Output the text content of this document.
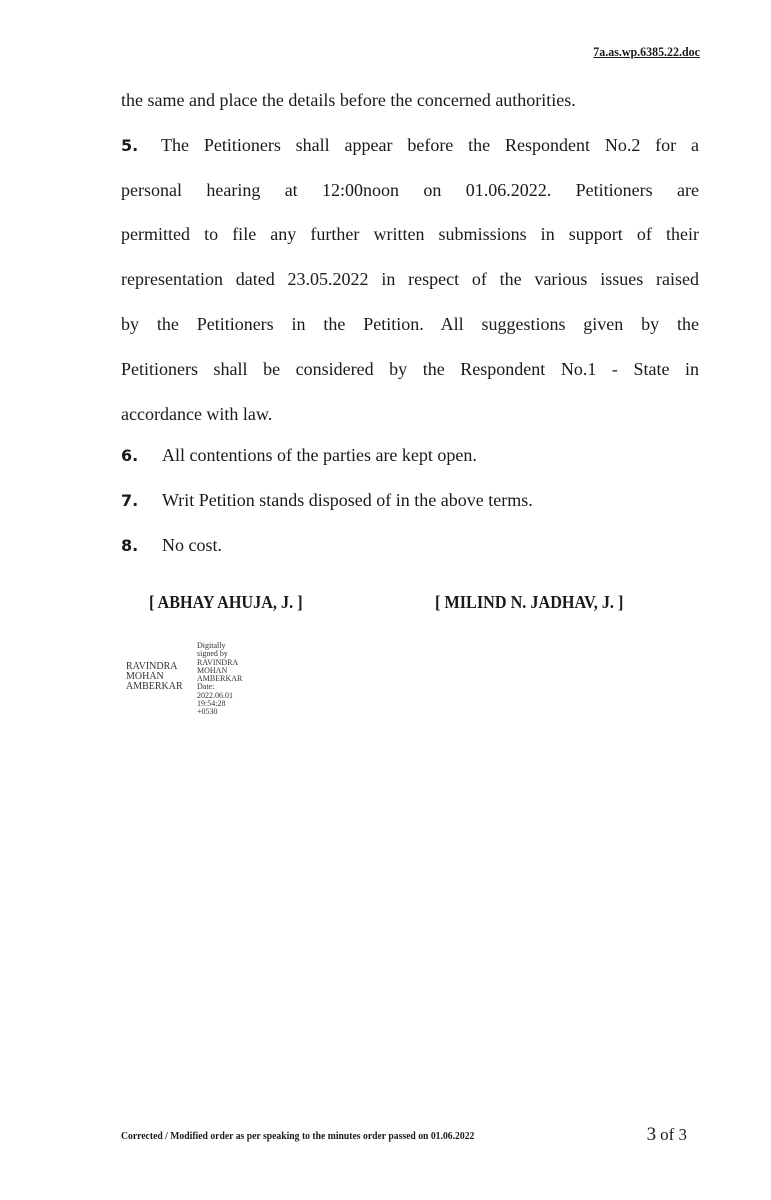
7a.as.wp.6385.22.doc
the same and place the details before the concerned authorities.
5. The Petitioners shall appear before the Respondent No.2 for a
personal hearing at 12:00noon on 01.06.2022. Petitioners are
permitted to file any further written submissions in support of their
representation dated 23.05.2022 in respect of the various issues raised
by the Petitioners in the Petition. All suggestions given by the
Petitioners shall be considered by the Respondent No.1 - State in
accordance with law.
6. All contentions of the parties are kept open.
7. Writ Petition stands disposed of in the above terms.
8. No cost.
[ ABHAY AHUJA, J. ]	[ MILIND N. JADHAV, J. ]
RAVINDRA
MOHAN
AMBERKAR
Digitally
signed by
RAVINDRA
MOHAN
AMBERKAR
Date:
2022.06.01
19:54:28
+0530
Corrected / Modified order as per speaking to the minutes order passed on 01.06.2022	3 of 3
